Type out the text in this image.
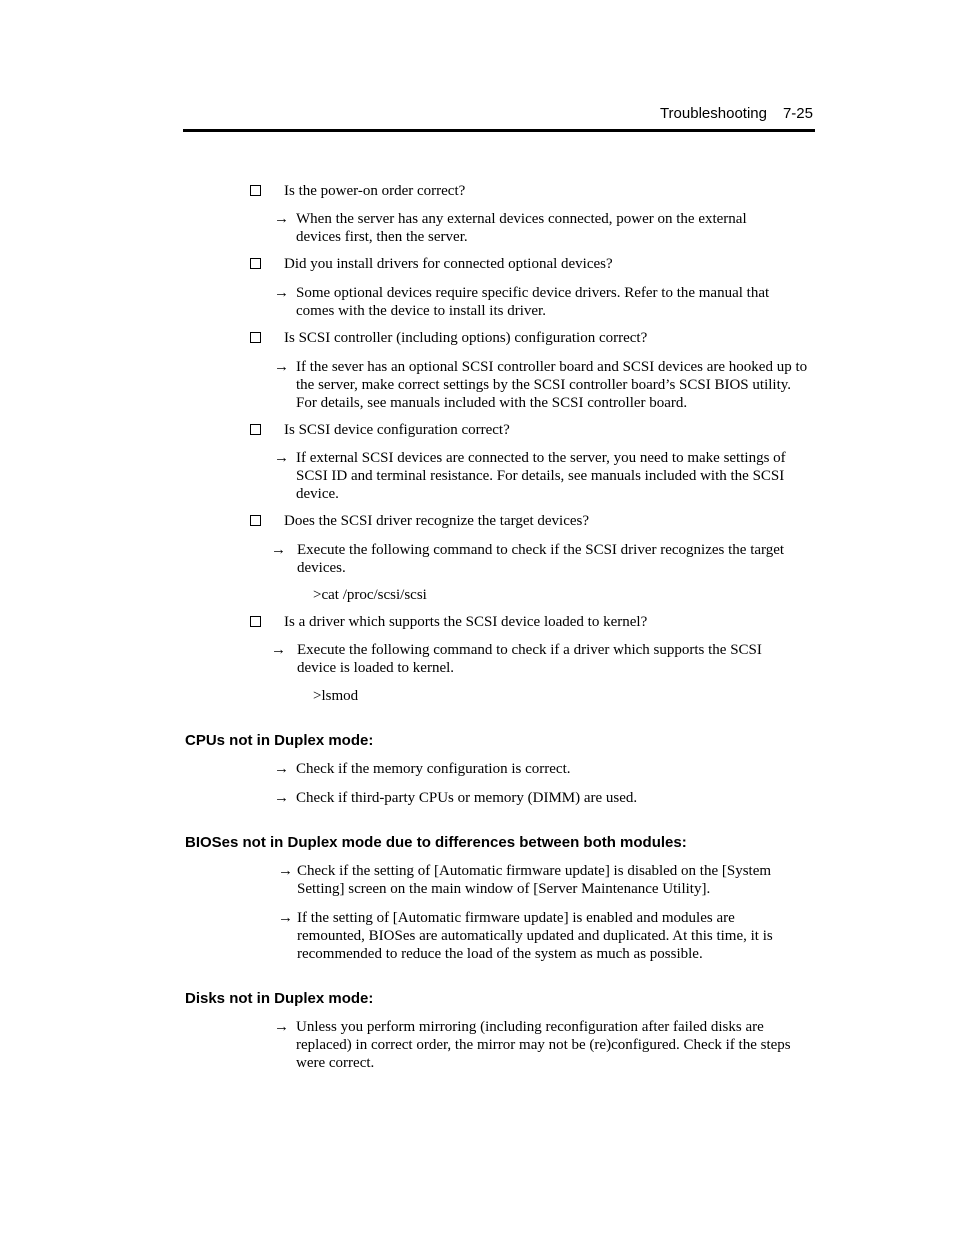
Troubleshooting 7-25
Is the power-on order correct?
→ When the server has any external devices connected, power on the external devices first, then the server.
Did you install drivers for connected optional devices?
→ Some optional devices require specific device drivers. Refer to the manual that comes with the device to install its driver.
Is SCSI controller (including options) configuration correct?
→ If the sever has an optional SCSI controller board and SCSI devices are hooked up to the server, make correct settings by the SCSI controller board’s SCSI BIOS utility. For details, see manuals included with the SCSI controller board.
Is SCSI device configuration correct?
→ If external SCSI devices are connected to the server, you need to make settings of SCSI ID and terminal resistance. For details, see manuals included with the SCSI device.
Does the SCSI driver recognize the target devices?
→ Execute the following command to check if the SCSI driver recognizes the target devices.
>cat /proc/scsi/scsi
Is a driver which supports the SCSI device loaded to kernel?
→ Execute the following command to check if a driver which supports the SCSI device is loaded to kernel.
>lsmod
CPUs not in Duplex mode:
→ Check if the memory configuration is correct.
→ Check if third-party CPUs or memory (DIMM) are used.
BIOSes not in Duplex mode due to differences between both modules:
→ Check if the setting of [Automatic firmware update] is disabled on the [System Setting] screen on the main window of [Server Maintenance Utility].
→ If the setting of [Automatic firmware update] is enabled and modules are remounted, BIOSes are automatically updated and duplicated. At this time, it is recommended to reduce the load of the system as much as possible.
Disks not in Duplex mode:
→ Unless you perform mirroring (including reconfiguration after failed disks are replaced) in correct order, the mirror may not be (re)configured. Check if the steps were correct.
